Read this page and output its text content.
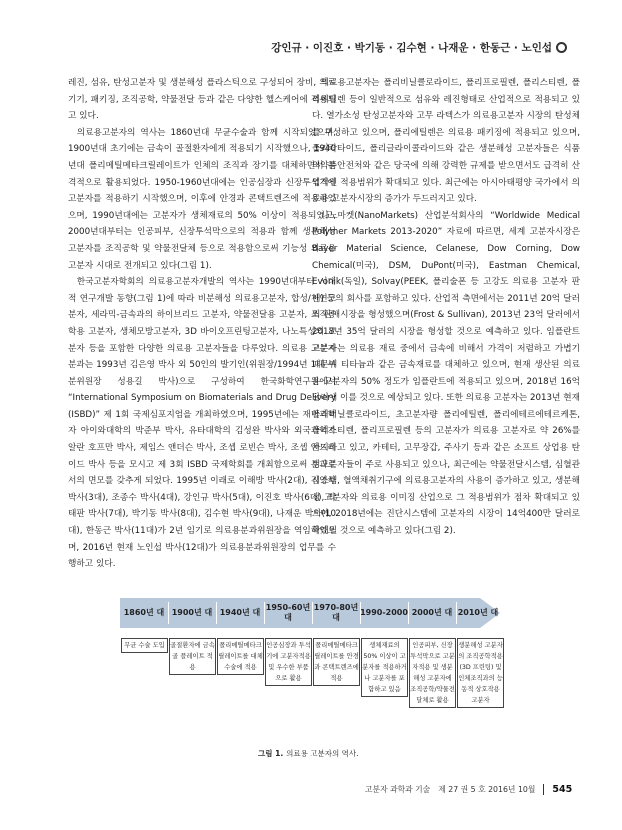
강인규 · 이진호 · 박기동 · 김수현 · 나재운 · 한동근 · 노인섭

레진, 섬유, 탄성고분자 및 생분해성 플라스틱으로 구성되어 장비, 의료기기, 패키징, 조직공학, 약물전달 등과 같은 다양한 헬스케어에 적용되고 있다.

의료용고분자의 역사는 1860년대 무균수술과 함께 시작되었으며, 1900년대 초기에는 금속이 골절환자에게 적용되기 시작했으나, 1940년대 폴리메틸메타크릴레이트가 인체의 조직과 장기를 대체하면서 본격적으로 활용되었다. 1950-1960년대에는 인공심장과 신장투석기에 고분자를 적용하기 시작했으며, 이후에 안경과 콘택트렌즈에 적용하였으며, 1990년대에는 고분자가 생체재료의 50% 이상이 적용되었고, 2000년대부터는 인공피부, 신장투석막으로의 적용과 함께 생분해성 고분자를 조직공학 및 약물전달체 등으로 적용함으로써 기능성 의료용고분자 시대로 전개되고 있다(그림 1).

한국고분자학회의 의료용고분자개발의 역사는 1990년대부터 시대적 연구개발 동향(그림 1)에 따라 비분해성 의료용고분자, 합성/천연고분자, 세라믹-금속과의 하이브리드 고분자, 약물전달용 고분자, 조직공학용 고분자, 생체모방고분자, 3D 바이오프린팅고분자, 나노특성의 고분자 등을 포함한 다양한 의료용 고분자들을 다루었다. 의료용 고분자분과는 1993년 김은영 박사 외 50인의 발기인(위원장/1994년 1대 부분위원장 성용길 박사)으로 구성하여 한국화학연구원에서 “International Symposium on Biomaterials and Drug Delivery (ISBD)” 제 1회 국제심포지엄을 개최하였으며, 1995년에는 재미과학자 아이와대학의 박준부 박사, 유타대학의 김성완 박사와 외국과학자 알란 호프만 박사, 제임스 앤더슨 박사, 조셉 로빈슨 박사, 조셉 안드레이드 박사 등을 모시고 제 3회 ISBD 국제학회를 개최함으로써 분과로서의 면모를 갖추게 되었다. 1995년 이래로 이해방 박사(2대), 김영하 박사(3대), 조종수 박사(4대), 강인규 박사(5대), 이진호 박사(6대), 박태판 박사(7대), 박기동 박사(8대), 김수현 박사(9대), 나재운 박사(10대), 한동근 박사(11대)가 2년 임기로 의료용분과위원장을 역임하였으며, 2016년 현재 노인섭 박사(12대)가 의료용분과위원장의 업무를 수행하고 있다.

의료용고분자는 폴리비닐클로라이드, 폴리프로필렌, 폴리스티렌, 폴리에틸렌 등이 일반적으로 섬유와 레진형태로 산업적으로 적용되고 있다. 열가소성 탄성고분자와 고무 라텍스가 의료용고분자 시장의 탄성체를 구성하고 있으며, 폴리에틸렌은 의료용 패키징에 적용되고 있으며, 폴리락타이드, 폴리글라이콜라이드와 같은 생분해성 고분자들은 식품의약품안전처와 같은 당국에 의해 강력한 규제를 받으면서도 급격히 산업적인 적용범위가 확대되고 있다. 최근에는 아시아태평양 국가에서 의료용 고분자시장의 증가가 두드러지고 있다.

나노마켓(NanoMarkets) 산업분석회사의 “Worldwide Medical Polymer Markets 2013-2020” 자료에 따르면, 세계 고분자시장은 Bayer Material Science, Celanese, Dow Corning, Dow Chemical(미국), DSM, DuPont(미국), Eastman Chemical, Evonik(독일), Solvay(PEEK, 폴리술폰 등 고강도 의료용 고분자 판매) 등의 회사를 포함하고 있다. 산업적 측면에서는 2011년 20억 달러의 판매시장을 형성했으며(Frost & Sullivan), 2013년 23억 달러에서 2018년 35억 달러의 시장을 형성할 것으로 예측하고 있다. 임플란트 고분자는 의료용 재료 중에서 금속에 비해서 가격이 저렴하고 가볍기 때문에 티타늄과 같은 금속재료를 대체하고 있으며, 현재 생산된 의료용 고분자의 50% 정도가 임플란트에 적용되고 있으며, 2018년 16억 달러에 이를 것으로 예상되고 있다. 또한 의료용 고분자는 2013년 현재 폴리비닐클로라이드, 초고분자량 폴리에틸렌, 폴리에테르에테르케톤, 폴리스티렌, 폴리프로필렌 등의 고분자가 의료용 고분자로 약 26%를 차지하고 있고, 카테터, 고무장갑, 주사기 등과 같은 소프트 상업용 탄성고분자들이 주로 사용되고 있으나, 최근에는 약물전달시스템, 심혈관시스템, 혈액채취기구에 의료용고분자의 사용이 증가하고 있고, 생분해성 고분자와 의료용 이미징 산업으로 그 적용범위가 점차 확대되고 있으며, 2018년에는 진단시스템에 고분자의 시장이 14억400만 달러로 확대될 것으로 예측하고 있다(그림 2).

1860년 대 1900년 대 1940년 대
1950-60년 대
1970-80년 대
1990-2000 2000년 대 2010년 대
무균 수술 도입 골절환자에 금속 골 플레이트 적용
폴리메틸메타크릴레이트를 대체수술에 적용
인공심장과 투석기에 고분자적용 및 우수한 부품으로 활용
폴리메틸메타크릴레이트를 안경과 콘택트렌즈에 적용
생체재료의 50% 이상이 고분자를 적용하거나 고분자를 포함하고 있음
인공피부, 신장투석막으로 고분자적용 및 생분해성 고분자에 조직공학/약물전달체로 활용
생분해성 고분자의 조직공학적용 (3D 프린팅) 및 인체조직과의 능동적 상호작용 고분자
그림 1. 의료용 고분자의 역사.
고분자 과학과 기술 제 27 권 5 호 2016년 10월 545
